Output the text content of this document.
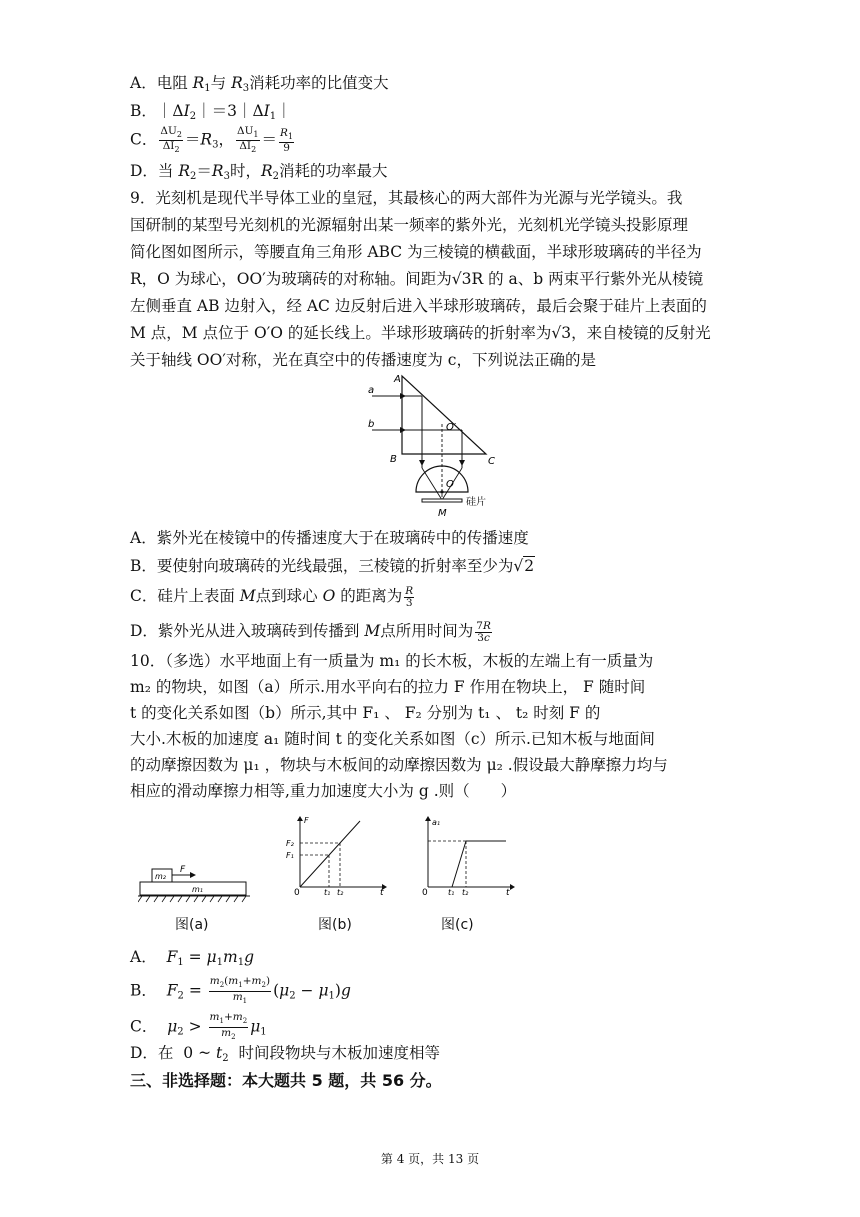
A．电阻 $R_1$与 $R_3$消耗功率的比值变大
B．$|\Delta I_2|=3|\Delta I_1|$
C． $\frac{\Delta U_2}{\Delta I_2} =R_3$， $\frac{\Delta U_1}{\Delta I_2} = \frac{R_1}{9}$
D．当 $R_2=R_3$时，$R_2$消耗的功率最大
9．光刻机是现代半导体工业的皇冠，其最核心的两大部件为光源与光学镜头。我
国研制的某型号光刻机的光源辐射出某一频率的紫外光，光刻机光学镜头投影原理
简化图如图所示，等腰直角三角形 ABC 为三棱镜的横截面，半球形玻璃砖的半径为
R，O 为球心，OO′为玻璃砖的对称轴。间距为√3R 的 a、b 两束平行紫外光从棱镜
左侧垂直 AB 边射入，经 AC 边反射后进入半球形玻璃砖，最后会聚于硅片上表面的
M 点，M 点位于 O′O 的延长线上。半球形玻璃砖的折射率为√3，来自棱镜的反射光
关于轴线 OO′对称，光在真空中的传播速度为 c，下列说法正确的是
A
B	C
a
b	O′
O
M
硅片
A．紫外光在棱镜中的传播速度大于在玻璃砖中的传播速度
B．要使射向玻璃砖的光线最强，三棱镜的折射率至少为√2
C．硅片上表面 M点到球心 O 的距离为 $\frac{R}{3}$
D．紫外光从进入玻璃砖到传播到 M点所用时间为 $\frac{7R}{3c}$
10．（多选）水平地面上有一质量为 m₁ 的长木板，木板的左端上有一质量为
m₂ 的物块，如图（a）所示.用水平向右的拉力 F 作用在物块上， F 随时间
t 的变化关系如图（b）所示,其中 F₁ 、 F₂ 分别为 t₁ 、 t₂ 时刻 F 的
大小.木板的加速度 a₁ 随时间 t 的变化关系如图（c）所示.已知木板与地面间
的动摩擦因数为 μ₁ ，物块与木板间的动摩擦因数为 μ₂ .假设最大静摩擦力均与
相应的滑动摩擦力相等,重力加速度大小为 g .则（　　）
m₂
m₁
F
F
F₂
F₁
0	t₁ t₂	t
a₁
0	t₁ t₂	t
图(a)	图(b)	图(c)
A．  $F_1 = \mu_1m_1g$
B．  $F_2 = \frac{m_2(m_1+m_2)}{m_1} (\mu_2 - \mu_1)g$
C．  $\mu_2 > \frac{m_1+m_2}{m_2} \mu_1$
D．在  0 ~ $t_2$  时间段物块与木板加速度相等
三、非选择题：本大题共 5 题，共 56 分。
第 4 页，共 13 页
